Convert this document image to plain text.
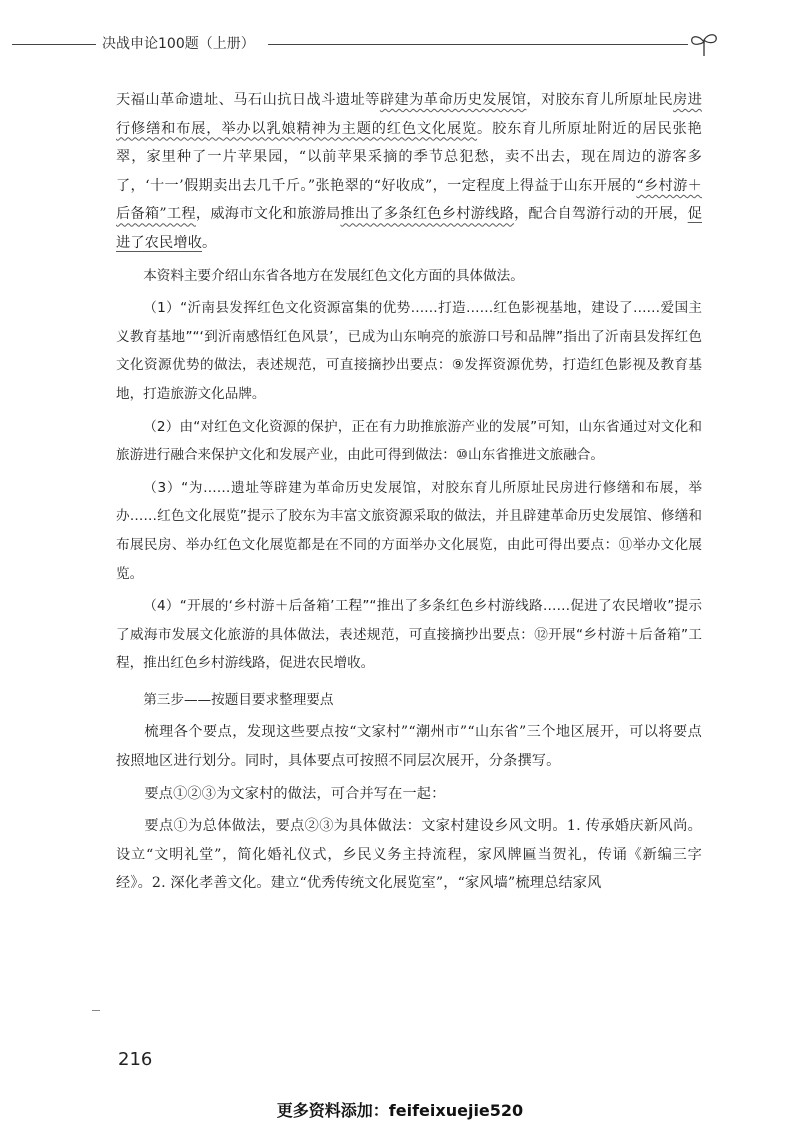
决战申论100题（上册）

天福山革命遗址、马石山抗日战斗遗址等辟建为革命历史发展馆，对胶东育儿所原址民房进行修缮和布展，举办以乳娘精神为主题的红色文化展览。胶东育儿所原址附近的居民张艳翠，家里种了一片苹果园，“以前苹果采摘的季节总犯愁，卖不出去，现在周边的游客多了，‘十一’假期卖出去几千斤。”张艳翠的“好收成”，一定程度上得益于山东开展的“乡村游＋后备箱”工程，威海市文化和旅游局推出了多条红色乡村游线路，配合自驾游行动的开展，促进了农民增收。

本资料主要介绍山东省各地方在发展红色文化方面的具体做法。

（1）“沂南县发挥红色文化资源富集的优势……打造……红色影视基地，建设了……爱国主义教育基地”“‘到沂南感悟红色风景’，已成为山东响亮的旅游口号和品牌”指出了沂南县发挥红色文化资源优势的做法，表述规范，可直接摘抄出要点：⑨发挥资源优势，打造红色影视及教育基地，打造旅游文化品牌。

（2）由“对红色文化资源的保护，正在有力助推旅游产业的发展”可知，山东省通过对文化和旅游进行融合来保护文化和发展产业，由此可得到做法：⑩山东省推进文旅融合。

（3）“为……遗址等辟建为革命历史发展馆，对胶东育儿所原址民房进行修缮和布展，举办……红色文化展览”提示了胶东为丰富文旅资源采取的做法，并且辟建革命历史发展馆、修缮和布展民房、举办红色文化展览都是在不同的方面举办文化展览，由此可得出要点：⑪举办文化展览。

（4）“开展的‘乡村游＋后备箱’工程”“推出了多条红色乡村游线路……促进了农民增收”提示了威海市发展文化旅游的具体做法，表述规范，可直接摘抄出要点：⑫开展“乡村游＋后备箱”工程，推出红色乡村游线路，促进农民增收。

第三步——按题目要求整理要点

梳理各个要点，发现这些要点按“文家村”“潮州市”“山东省”三个地区展开，可以将要点按照地区进行划分。同时，具体要点可按照不同层次展开，分条撰写。

要点①②③为文家村的做法，可合并写在一起：

要点①为总体做法，要点②③为具体做法：文家村建设乡风文明。1. 传承婚庆新风尚。设立“文明礼堂”，简化婚礼仪式，乡民义务主持流程，家风牌匾当贺礼，传诵《新编三字经》。2. 深化孝善文化。建立“优秀传统文化展览室”，“家风墙”梳理总结家风

216
更多资料添加：feifeixuejie520
